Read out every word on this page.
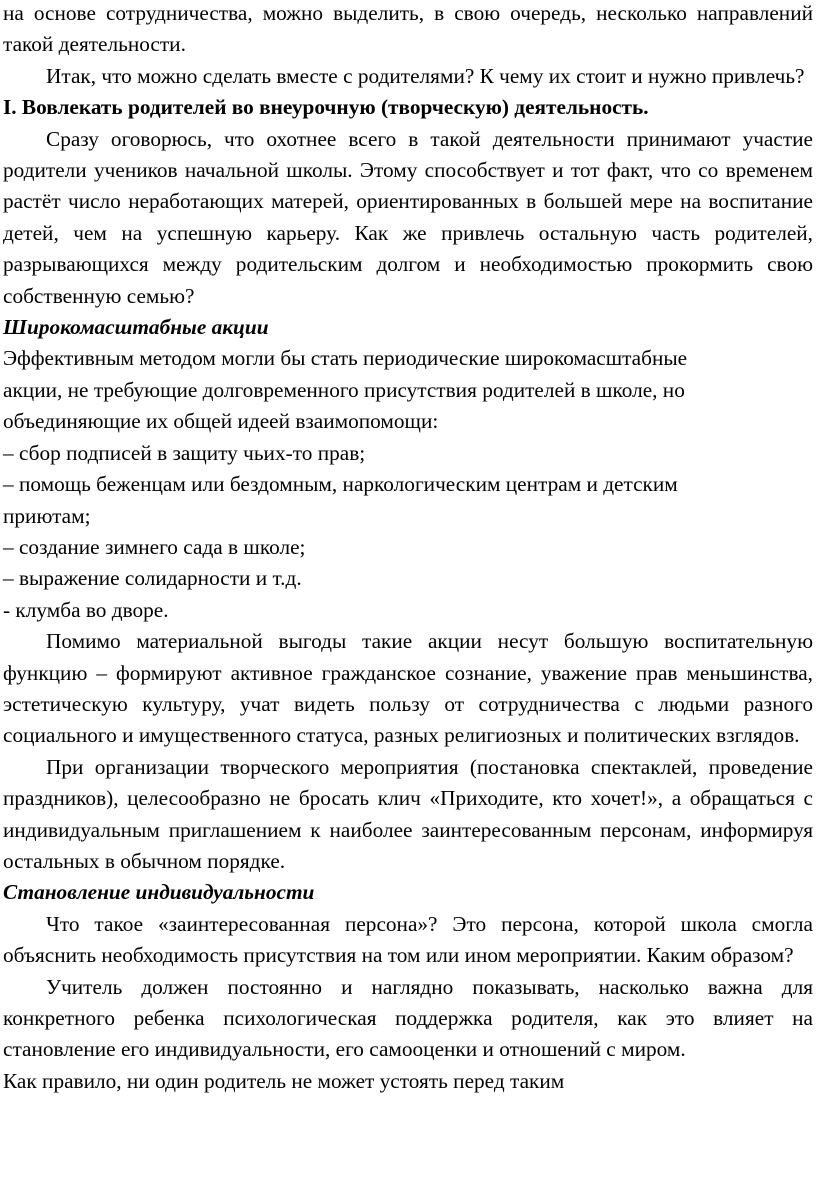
на основе сотрудничества, можно выделить, в свою очередь, несколько направлений такой деятельности.

Итак, что можно сделать вместе с родителями? К чему их стоит и нужно привлечь?

I. Вовлекать родителей во внеурочную (творческую) деятельность.

Сразу оговорюсь, что охотнее всего в такой деятельности принимают участие родители учеников начальной школы. Этому способствует и тот факт, что со временем растёт число неработающих матерей, ориентированных в большей мере на воспитание детей, чем на успешную карьеру. Как же привлечь остальную часть родителей, разрывающихся между родительским долгом и необходимостью прокормить свою собственную семью?

Широкомасштабные акции

Эффективным методом могли бы стать периодические широкомасштабные

акции, не требующие долговременного присутствия родителей в школе, но

объединяющие их общей идеей взаимопомощи:

– сбор подписей в защиту чьих-то прав;

– помощь беженцам или бездомным, наркологическим центрам и детским

приютам;

– создание зимнего сада в школе;

– выражение солидарности и т.д.

- клумба во дворе.

Помимо материальной выгоды такие акции несут большую воспитательную функцию – формируют активное гражданское сознание, уважение прав меньшинства, эстетическую культуру, учат видеть пользу от сотрудничества с людьми разного социального и имущественного статуса, разных религиозных и политических взглядов.

При организации творческого мероприятия (постановка спектаклей, проведение праздников), целесообразно не бросать клич «Приходите, кто хочет!», а обращаться с индивидуальным приглашением к наиболее заинтересованным персонам, информируя остальных в обычном порядке.

Становление индивидуальности

Что такое «заинтересованная персона»? Это персона, которой школа смогла объяснить необходимость присутствия на том или ином мероприятии. Каким образом?

Учитель должен постоянно и наглядно показывать, насколько важна для конкретного ребенка психологическая поддержка родителя, как это влияет на становление его индивидуальности, его самооценки и отношений с миром.

Как правило, ни один родитель не может устоять перед таким
